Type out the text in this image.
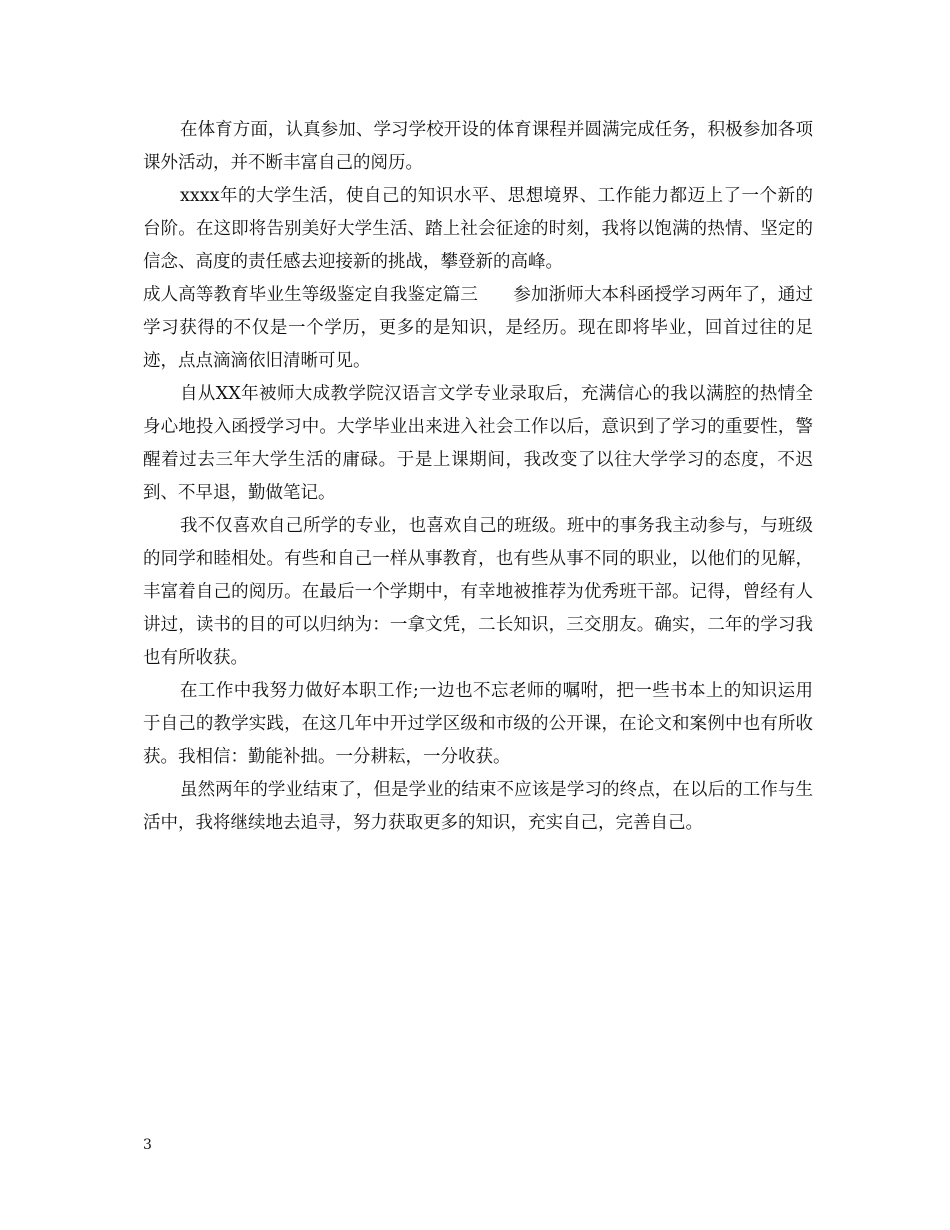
在体育方面，认真参加、学习学校开设的体育课程并圆满完成任务，积极参加各项课外活动，并不断丰富自己的阅历。

xxxx年的大学生活，使自己的知识水平、思想境界、工作能力都迈上了一个新的台阶。在这即将告别美好大学生活、踏上社会征途的时刻，我将以饱满的热情、坚定的信念、高度的责任感去迎接新的挑战，攀登新的高峰。

成人高等教育毕业生等级鉴定自我鉴定篇三　　参加浙师大本科函授学习两年了，通过学习获得的不仅是一个学历，更多的是知识，是经历。现在即将毕业，回首过往的足迹，点点滴滴依旧清晰可见。

自从XX年被师大成教学院汉语言文学专业录取后，充满信心的我以满腔的热情全身心地投入函授学习中。大学毕业出来进入社会工作以后，意识到了学习的重要性，警醒着过去三年大学生活的庸碌。于是上课期间，我改变了以往大学学习的态度，不迟到、不早退，勤做笔记。

我不仅喜欢自己所学的专业，也喜欢自己的班级。班中的事务我主动参与，与班级的同学和睦相处。有些和自己一样从事教育，也有些从事不同的职业，以他们的见解，丰富着自己的阅历。在最后一个学期中，有幸地被推荐为优秀班干部。记得，曾经有人讲过，读书的目的可以归纳为：一拿文凭，二长知识，三交朋友。确实，二年的学习我也有所收获。

在工作中我努力做好本职工作;一边也不忘老师的嘱咐，把一些书本上的知识运用于自己的教学实践，在这几年中开过学区级和市级的公开课，在论文和案例中也有所收获。我相信：勤能补拙。一分耕耘，一分收获。

虽然两年的学业结束了，但是学业的结束不应该是学习的终点，在以后的工作与生活中，我将继续地去追寻，努力获取更多的知识，充实自己，完善自己。

3
